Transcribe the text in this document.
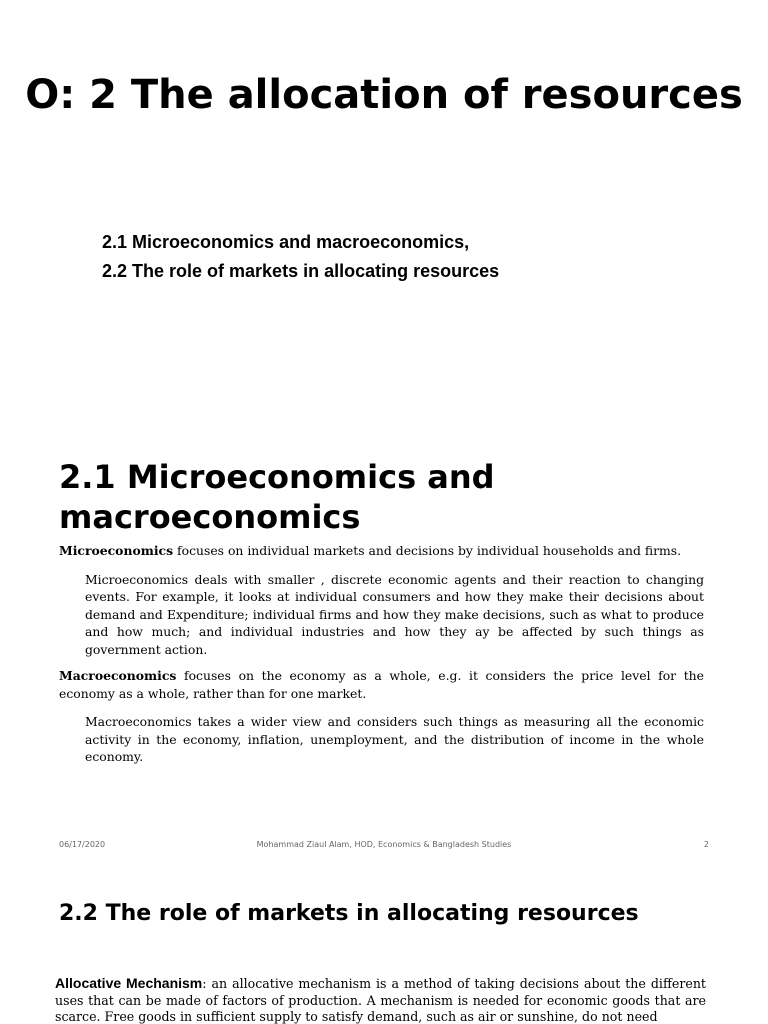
O: 2 The allocation of resources
2.1 Microeconomics and macroeconomics,
2.2 The role of markets in allocating resources
2.1 Microeconomics and macroeconomics

Microeconomics focuses on individual markets and decisions by individual households and firms.

Microeconomics deals with smaller , discrete economic agents and their reaction to changing events. For example, it looks at individual consumers and how they make their decisions about demand and Expenditure; individual firms and how they make decisions, such as what to produce and how much; and individual industries and how they ay be affected by such things as government action.

Macroeconomics focuses on the economy as a whole, e.g. it considers the price level for the economy as a whole, rather than for one market.

Macroeconomics takes a wider view and considers such things as measuring all the economic activity in the economy, inflation, unemployment, and the distribution of income in the whole economy.

06/17/2020	Mohammad Ziaul Alam, HOD, Economics & Bangladesh Studies	2
2.2 The role of markets in allocating resources

Allocative Mechanism: an allocative mechanism is a method of taking decisions about the different uses that can be made of factors of production. A mechanism is needed for economic goods that are scarce. Free goods in sufficient supply to satisfy demand, such as air or sunshine, do not need
